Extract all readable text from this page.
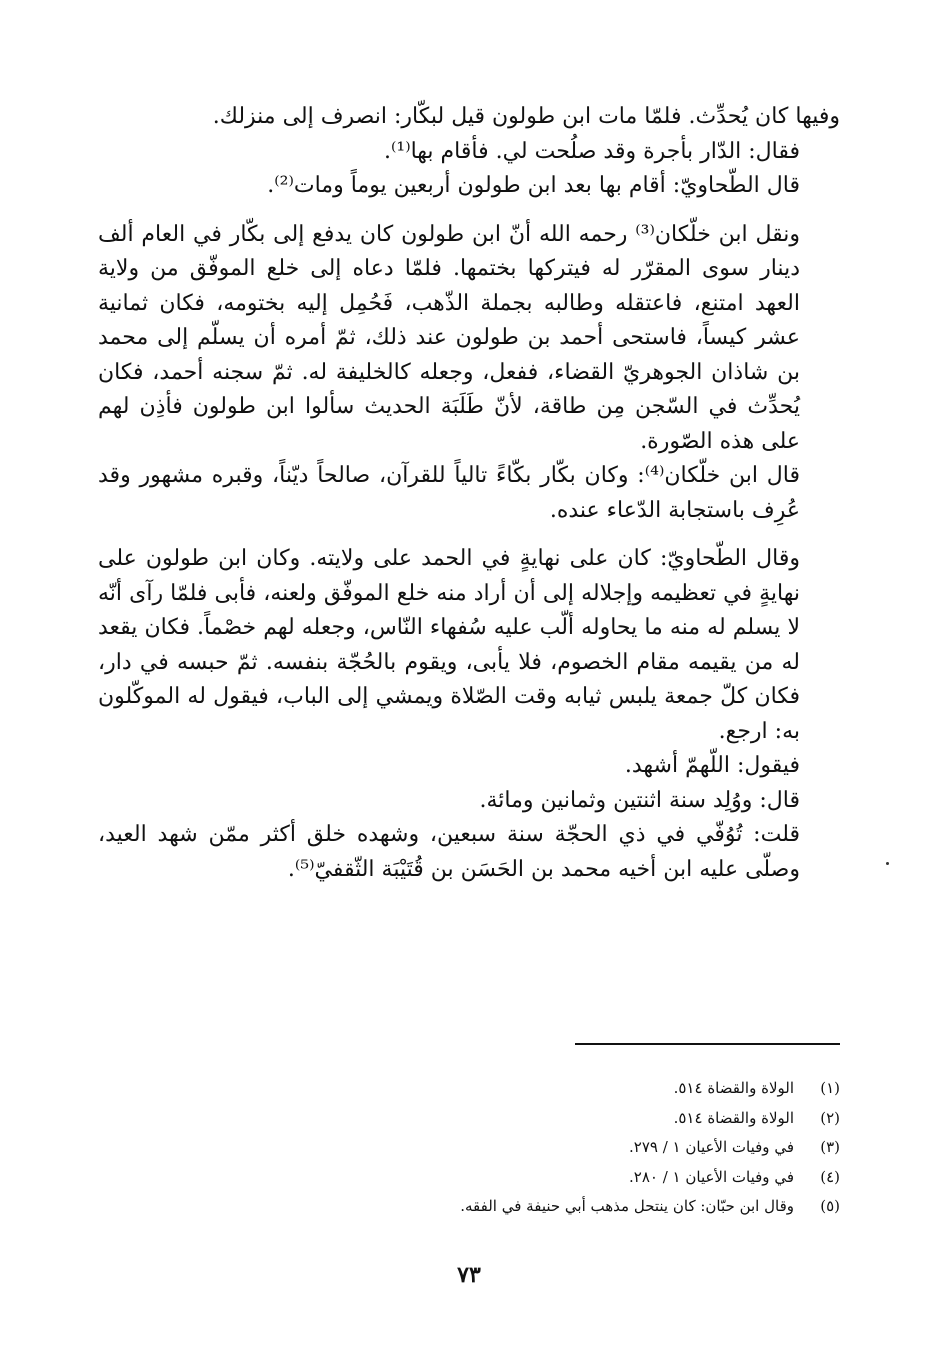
وفيها كان يُحدِّث. فلمّا مات ابن طولون قيل لبكّار: انصرف إلى منزلك.

فقال: الدّار بأجرة وقد صلُحت لي. فأقام بها⁽¹⁾.

قال الطّحاويّ: أقام بها بعد ابن طولون أربعين يوماً ومات⁽²⁾.

ونقل ابن خلّكان⁽³⁾ رحمه الله أنّ ابن طولون كان يدفع إلى بكّار في العام ألف دينار سوى المقرّر له فيتركها بختمها. فلمّا دعاه إلى خلع الموفّق من ولاية العهد امتنع، فاعتقله وطالبه بجملة الذّهب، فَحُمِل إليه بختومه، فكان ثمانية عشر كيساً، فاستحى أحمد بن طولون عند ذلك، ثمّ أمره أن يسلّم إلى محمد بن شاذان الجوهريّ القضاء، ففعل، وجعله كالخليفة له. ثمّ سجنه أحمد، فكان يُحدِّث في السّجن مِن طاقة، لأنّ طَلَبَة الحديث سألوا ابن طولون فأذِن لهم على هذه الصّورة.

قال ابن خلّكان⁽⁴⁾: وكان بكّار بكّاءً تالياً للقرآن، صالحاً ديّناً، وقبره مشهور وقد عُرِف باستجابة الدّعاء عنده.

وقال الطّحاويّ: كان على نهايةٍ في الحمد على ولايته. وكان ابن طولون على نهايةٍ في تعظيمه وإجلاله إلى أن أراد منه خلع الموفّق ولعنه، فأبى فلمّا رآى أنّه لا يسلم له منه ما يحاوله ألّب عليه سُفهاء النّاس، وجعله لهم خصْماً. فكان يقعد له من يقيمه مقام الخصوم، فلا يأبى، ويقوم بالحُجّة بنفسه. ثمّ حبسه في دار، فكان كلّ جمعة يلبس ثيابه وقت الصّلاة ويمشي إلى الباب، فيقول له الموكّلون به: ارجع.

فيقول: اللّهمّ أشهد.

قال: ووُلِد سنة اثنتين وثمانين ومائة.

قلت: تُوُفّي في ذي الحجّة سنة سبعين، وشهده خلق أكثر ممّن شهد العيد، وصلّى عليه ابن أخيه محمد بن الحَسَن بن قُتَيْبَة الثّقفيّ⁽⁵⁾.

(١)
الولاة والقضاة ٥١٤.
(٢)
الولاة والقضاة ٥١٤.
(٣)
في وفيات الأعيان ١ / ٢٧٩.
(٤)
في وفيات الأعيان ١ / ٢٨٠.
(٥)
وقال ابن حبّان: كان ينتحل مذهب أبي حنيفة في الفقه.
٧٣
